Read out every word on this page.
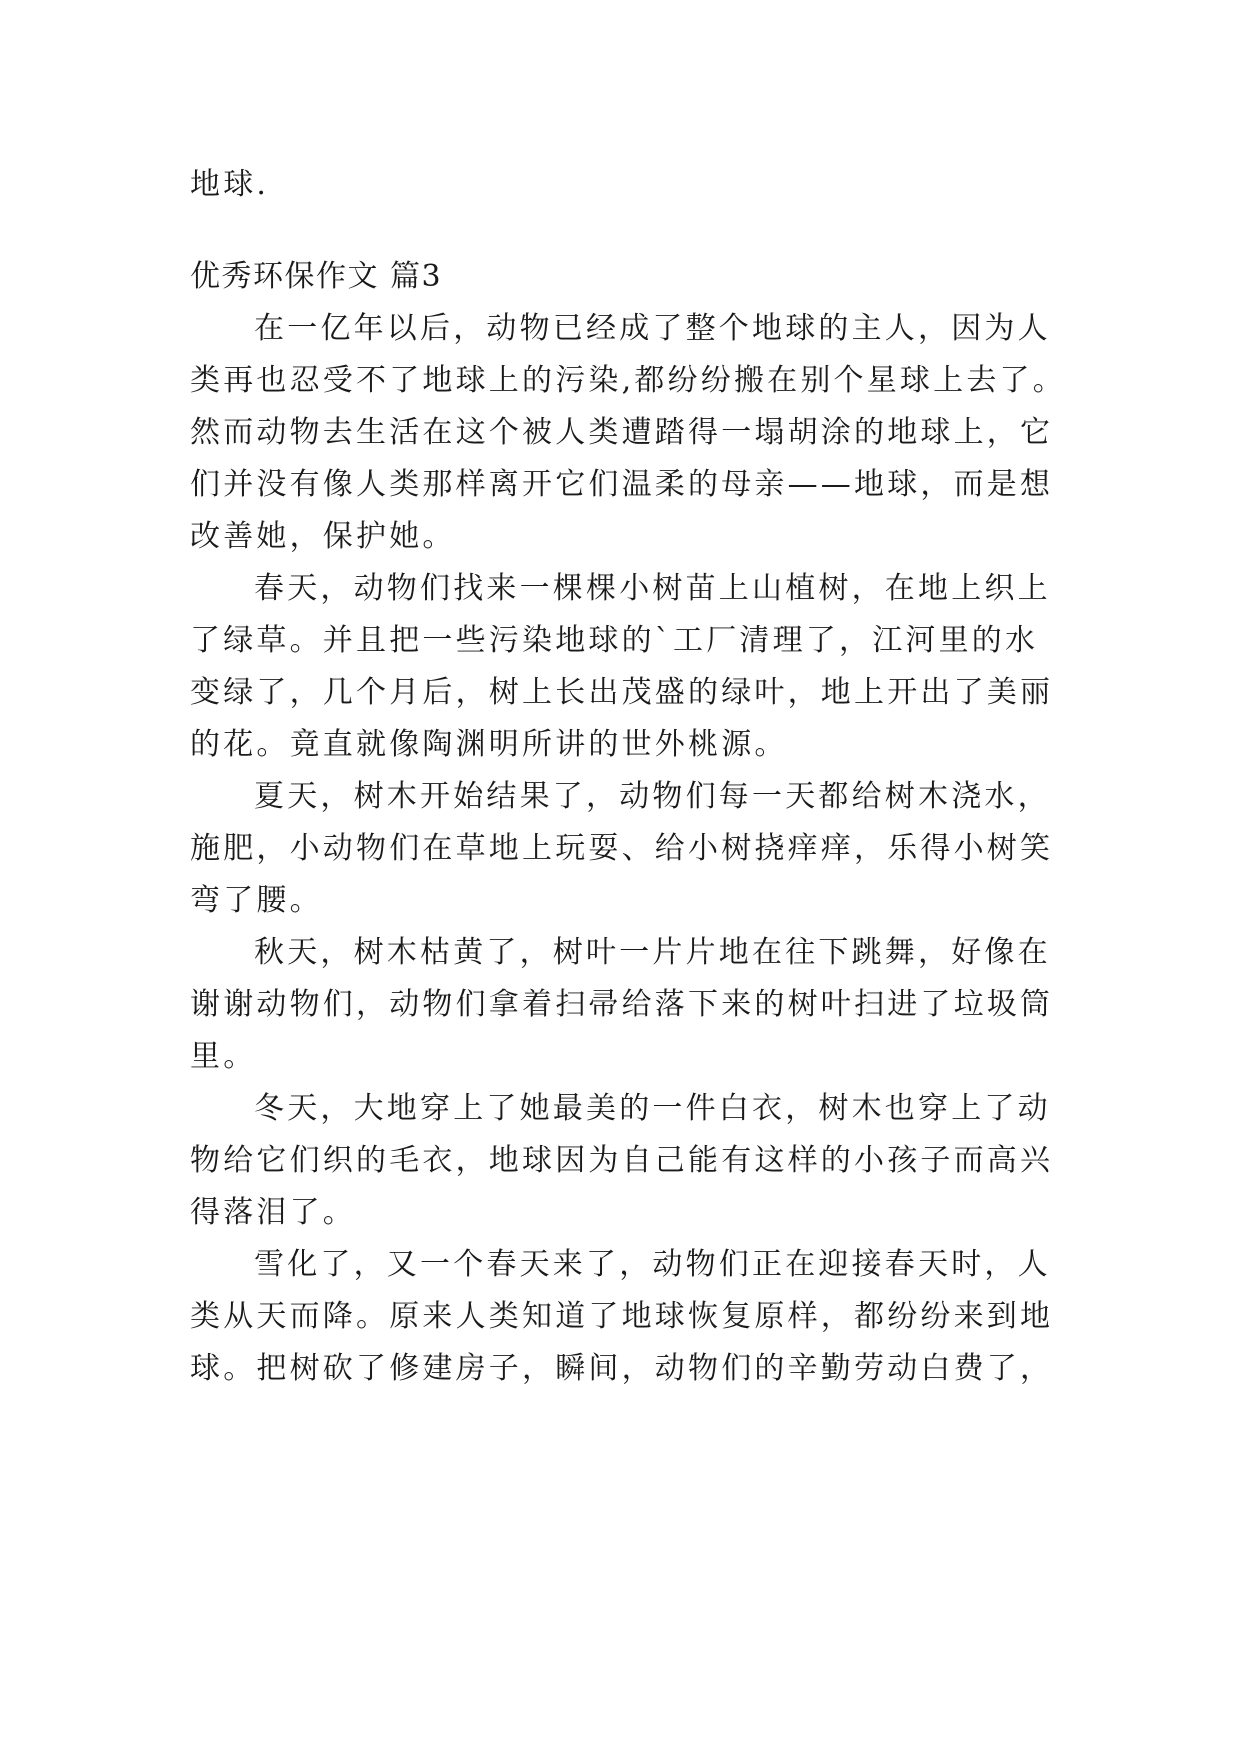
地球.
优秀环保作文 篇3
在一亿年以后，动物已经成了整个地球的主人，因为人
类再也忍受不了地球上的污染,都纷纷搬在别个星球上去了。
然而动物去生活在这个被人类遭踏得一塌胡涂的地球上，它
们并没有像人类那样离开它们温柔的母亲——地球，而是想
改善她，保护她。
春天，动物们找来一棵棵小树苗上山植树，在地上织上
了绿草。并且把一些污染地球的`工厂清理了，江河里的水
变绿了，几个月后，树上长出茂盛的绿叶，地上开出了美丽
的花。竟直就像陶渊明所讲的世外桃源。
夏天，树木开始结果了，动物们每一天都给树木浇水，
施肥，小动物们在草地上玩耍、给小树挠痒痒，乐得小树笑
弯了腰。
秋天，树木枯黄了，树叶一片片地在往下跳舞，好像在
谢谢动物们，动物们拿着扫帚给落下来的树叶扫进了垃圾筒
里。
冬天，大地穿上了她最美的一件白衣，树木也穿上了动
物给它们织的毛衣，地球因为自己能有这样的小孩子而高兴
得落泪了。
雪化了，又一个春天来了，动物们正在迎接春天时，人
类从天而降。原来人类知道了地球恢复原样，都纷纷来到地
球。把树砍了修建房子，瞬间，动物们的辛勤劳动白费了，
